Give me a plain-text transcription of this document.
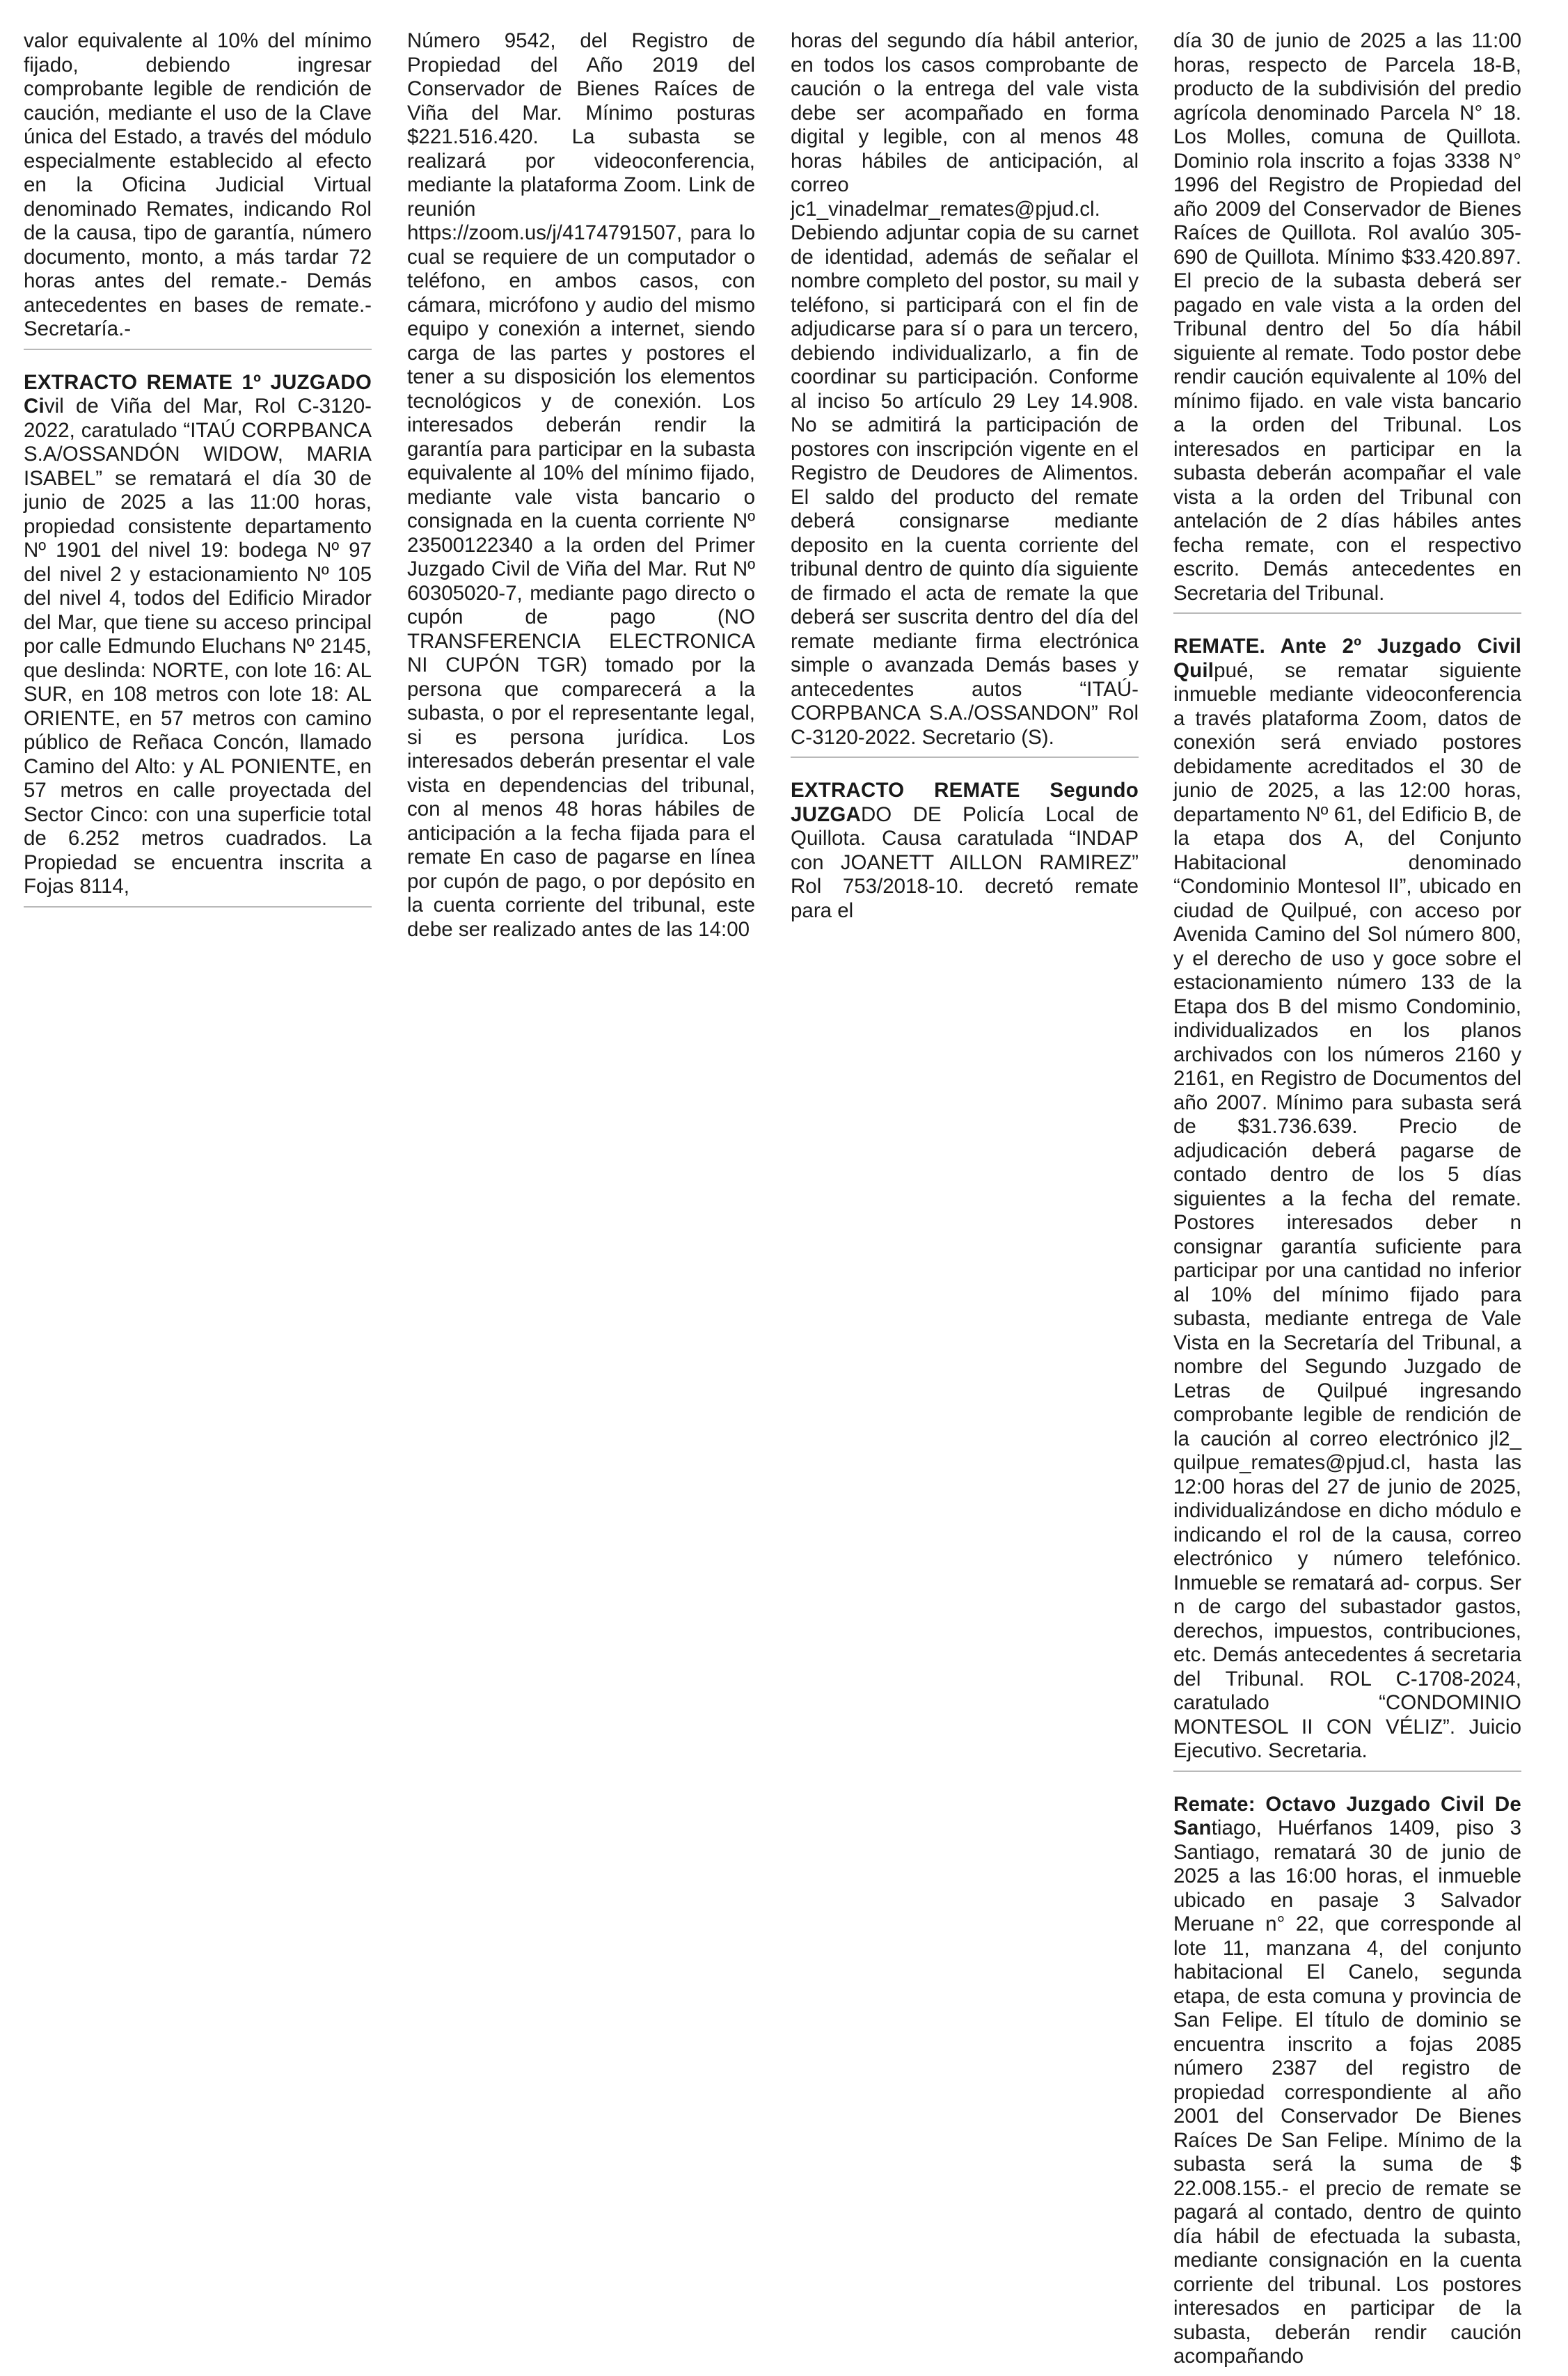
valor equivalente al 10% del mínimo fijado, debiendo ingresar comprobante legible de rendición de caución, mediante el uso de la Clave única del Estado, a través del módulo especialmente establecido al efecto en la Oficina Judicial Virtual denominado Remates, indicando Rol de la causa, tipo de garantía, número documento, monto, a más tardar 72 horas antes del remate.- Demás antecedentes en bases de remate.- Secretaría.-

EXTRACTO REMATE 1º JUZGADO Civil de Viña del Mar, Rol C-3120-2022, caratulado “ITAÚ CORPBANCA S.A/OSSANDÓN WIDOW, MARIA ISABEL” se rematará el día 30 de junio de 2025 a las 11:00 horas, propiedad consistente departamento Nº 1901 del nivel 19: bodega Nº 97 del nivel 2 y estacionamiento Nº 105 del nivel 4, todos del Edificio Mirador del Mar, que tiene su acceso principal por calle Edmundo Eluchans Nº 2145, que deslinda: NORTE, con lote 16: AL SUR, en 108 metros con lote 18: AL ORIENTE, en 57 metros con camino público de Reñaca Concón, llamado Camino del Alto: y AL PONIENTE, en 57 metros en calle proyectada del Sector Cinco: con una superficie total de 6.252 metros cuadrados. La Propiedad se encuentra inscrita a Fojas 8114,

Número 9542, del Registro de Propiedad del Año 2019 del Conservador de Bienes Raíces de Viña del Mar. Mínimo posturas $221.516.420. La subasta se realizará por videoconferencia, mediante la plataforma Zoom. Link de reunión https://zoom.us/j/4174791507, para lo cual se requiere de un computador o teléfono, en ambos casos, con cámara, micrófono y audio del mismo equipo y conexión a internet, siendo carga de las partes y postores el tener a su disposición los elementos tecnológicos y de conexión. Los interesados deberán rendir la garantía para participar en la subasta equivalente al 10% del mínimo fijado, mediante vale vista bancario o consignada en la cuenta corriente Nº 23500122340 a la orden del Primer Juzgado Civil de Viña del Mar. Rut Nº 60305020-7, mediante pago directo o cupón de pago (NO TRANSFERENCIA ELECTRONICA NI CUPÓN TGR) tomado por la persona que comparecerá a la subasta, o por el representante legal, si es persona jurídica. Los interesados deberán presentar el vale vista en dependencias del tribunal, con al menos 48 horas hábiles de anticipación a la fecha fijada para el remate En caso de pagarse en línea por cupón de pago, o por depósito en la cuenta corriente del tribunal, este debe ser realizado antes de las 14:00

horas del segundo día hábil anterior, en todos los casos comprobante de caución o la entrega del vale vista debe ser acompañado en forma digital y legible, con al menos 48 horas hábiles de anticipación, al correo jc1_vinadelmar_remates@pjud.cl. Debiendo adjuntar copia de su carnet de identidad, además de señalar el nombre completo del postor, su mail y teléfono, si participará con el fin de adjudicarse para sí o para un tercero, debiendo individualizarlo, a fin de coordinar su participación. Conforme al inciso 5o artículo 29 Ley 14.908. No se admitirá la participación de postores con inscripción vigente en el Registro de Deudores de Alimentos. El saldo del producto del remate deberá consignarse mediante deposito en la cuenta corriente del tribunal dentro de quinto día siguiente de firmado el acta de remate la que deberá ser suscrita dentro del día del remate mediante firma electrónica simple o avanzada Demás bases y antecedentes autos “ITAÚ-CORPBANCA S.A./OSSANDON” Rol C-3120-2022. Secretario (S).

EXTRACTO REMATE Segundo JUZGADO DE Policía Local de Quillota. Causa caratulada “INDAP con JOANETT AILLON RAMIREZ” Rol 753/2018-10. decretó remate para el

día 30 de junio de 2025 a las 11:00 horas, respecto de Parcela 18-B, producto de la subdivisión del predio agrícola denominado Parcela N° 18. Los Molles, comuna de Quillota. Dominio rola inscrito a fojas 3338 N° 1996 del Registro de Propiedad del año 2009 del Conservador de Bienes Raíces de Quillota. Rol avalúo 305-690 de Quillota. Mínimo $33.420.897. El precio de la subasta deberá ser pagado en vale vista a la orden del Tribunal dentro del 5o día hábil siguiente al remate. Todo postor debe rendir caución equivalente al 10% del mínimo fijado. en vale vista bancario a la orden del Tribunal. Los interesados en participar en la subasta deberán acompañar el vale vista a la orden del Tribunal con antelación de 2 días hábiles antes fecha remate, con el respectivo escrito. Demás antecedentes en Secretaria del Tribunal.

REMATE. Ante 2º Juzgado Civil Quilpué, se rematar siguiente inmueble mediante videoconferencia a través plataforma Zoom, datos de conexión será enviado postores debidamente acreditados el 30 de junio de 2025, a las 12:00 horas, departamento Nº 61, del Edificio B, de la etapa dos A, del Conjunto Habitacional denominado “Condominio Montesol II”, ubicado en ciudad de Quilpué, con acceso por Avenida Camino del Sol número 800, y el derecho de uso y goce sobre el estacionamiento número 133 de la Etapa dos B del mismo Condominio, individualizados en los planos archivados con los números 2160 y 2161, en Registro de Documentos del año 2007. Mínimo para subasta será de $31.736.639. Precio de adjudicación deberá pagarse de contado dentro de los 5 días siguientes a la fecha del remate. Postores interesados deber n consignar garantía suficiente para participar por una cantidad no inferior al 10% del mínimo fijado para subasta, mediante entrega de Vale Vista en la Secretaría del Tribunal, a nombre del Segundo Juzgado de Letras de Quilpué ingresando comprobante legible de rendición de la caución al correo electrónico jl2_ quilpue_remates@pjud.cl, hasta las 12:00 horas del 27 de junio de 2025, individualizándose en dicho módulo e indicando el rol de la causa, correo electrónico y número telefónico. Inmueble se rematará ad- corpus. Ser n de cargo del subastador gastos, derechos, impuestos, contribuciones, etc. Demás antecedentes á secretaria del Tribunal. ROL C-1708-2024, caratulado “CONDOMINIO MONTESOL II CON VÉLIZ”. Juicio Ejecutivo. Secretaria.

Remate: Octavo Juzgado Civil De Santiago, Huérfanos 1409, piso 3 Santiago, rematará 30 de junio de 2025 a las 16:00 horas, el inmueble ubicado en pasaje 3 Salvador Meruane n° 22, que corresponde al lote 11, manzana 4, del conjunto habitacional El Canelo, segunda etapa, de esta comuna y provincia de San Felipe. El título de dominio se encuentra inscrito a fojas 2085 número 2387 del registro de propiedad correspondiente al año 2001 del Conservador De Bienes Raíces De San Felipe. Mínimo de la subasta será la suma de $ 22.008.155.- el precio de remate se pagará al contado, dentro de quinto día hábil de efectuada la subasta, mediante consignación en la cuenta corriente del tribunal. Los postores interesados en participar de la subasta, deberán rendir caución acompañando
